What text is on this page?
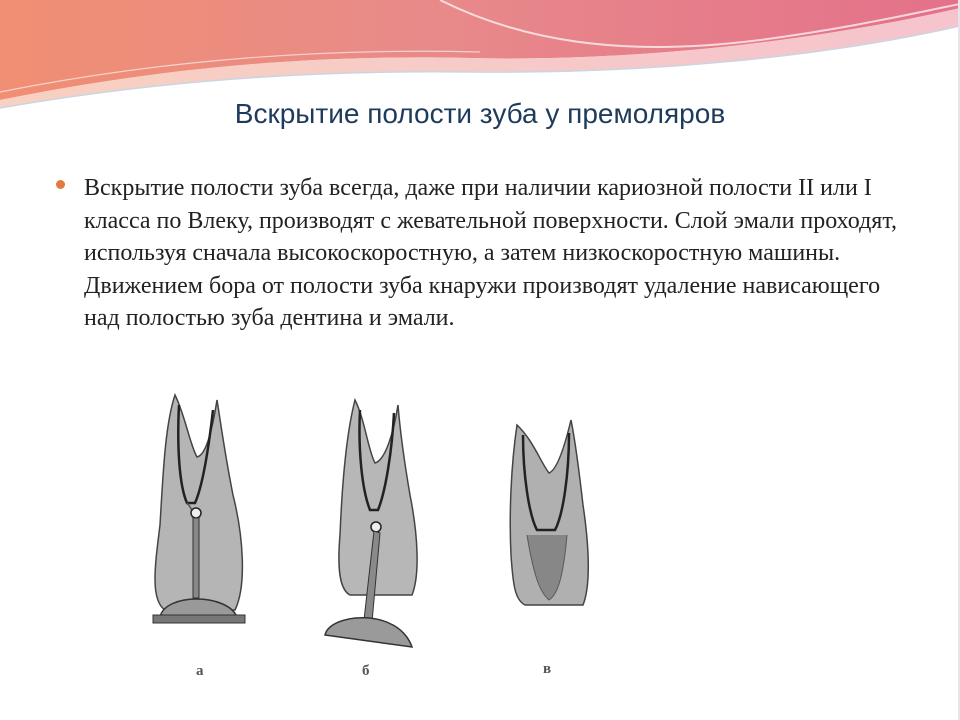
Вскрытие полости зуба у премоляров

Вскрытие полости зуба всегда, даже при наличии кариозной полости II или I класса по Влеку, производят с жевательной поверхности. Слой эмали проходят, используя сначала высокоскоростную, а затем низкоскоростную машины. Движением бора от полости зуба кнаружи производят удаление нависающего над полостью зуба дентина и эмали.

а	б	в
